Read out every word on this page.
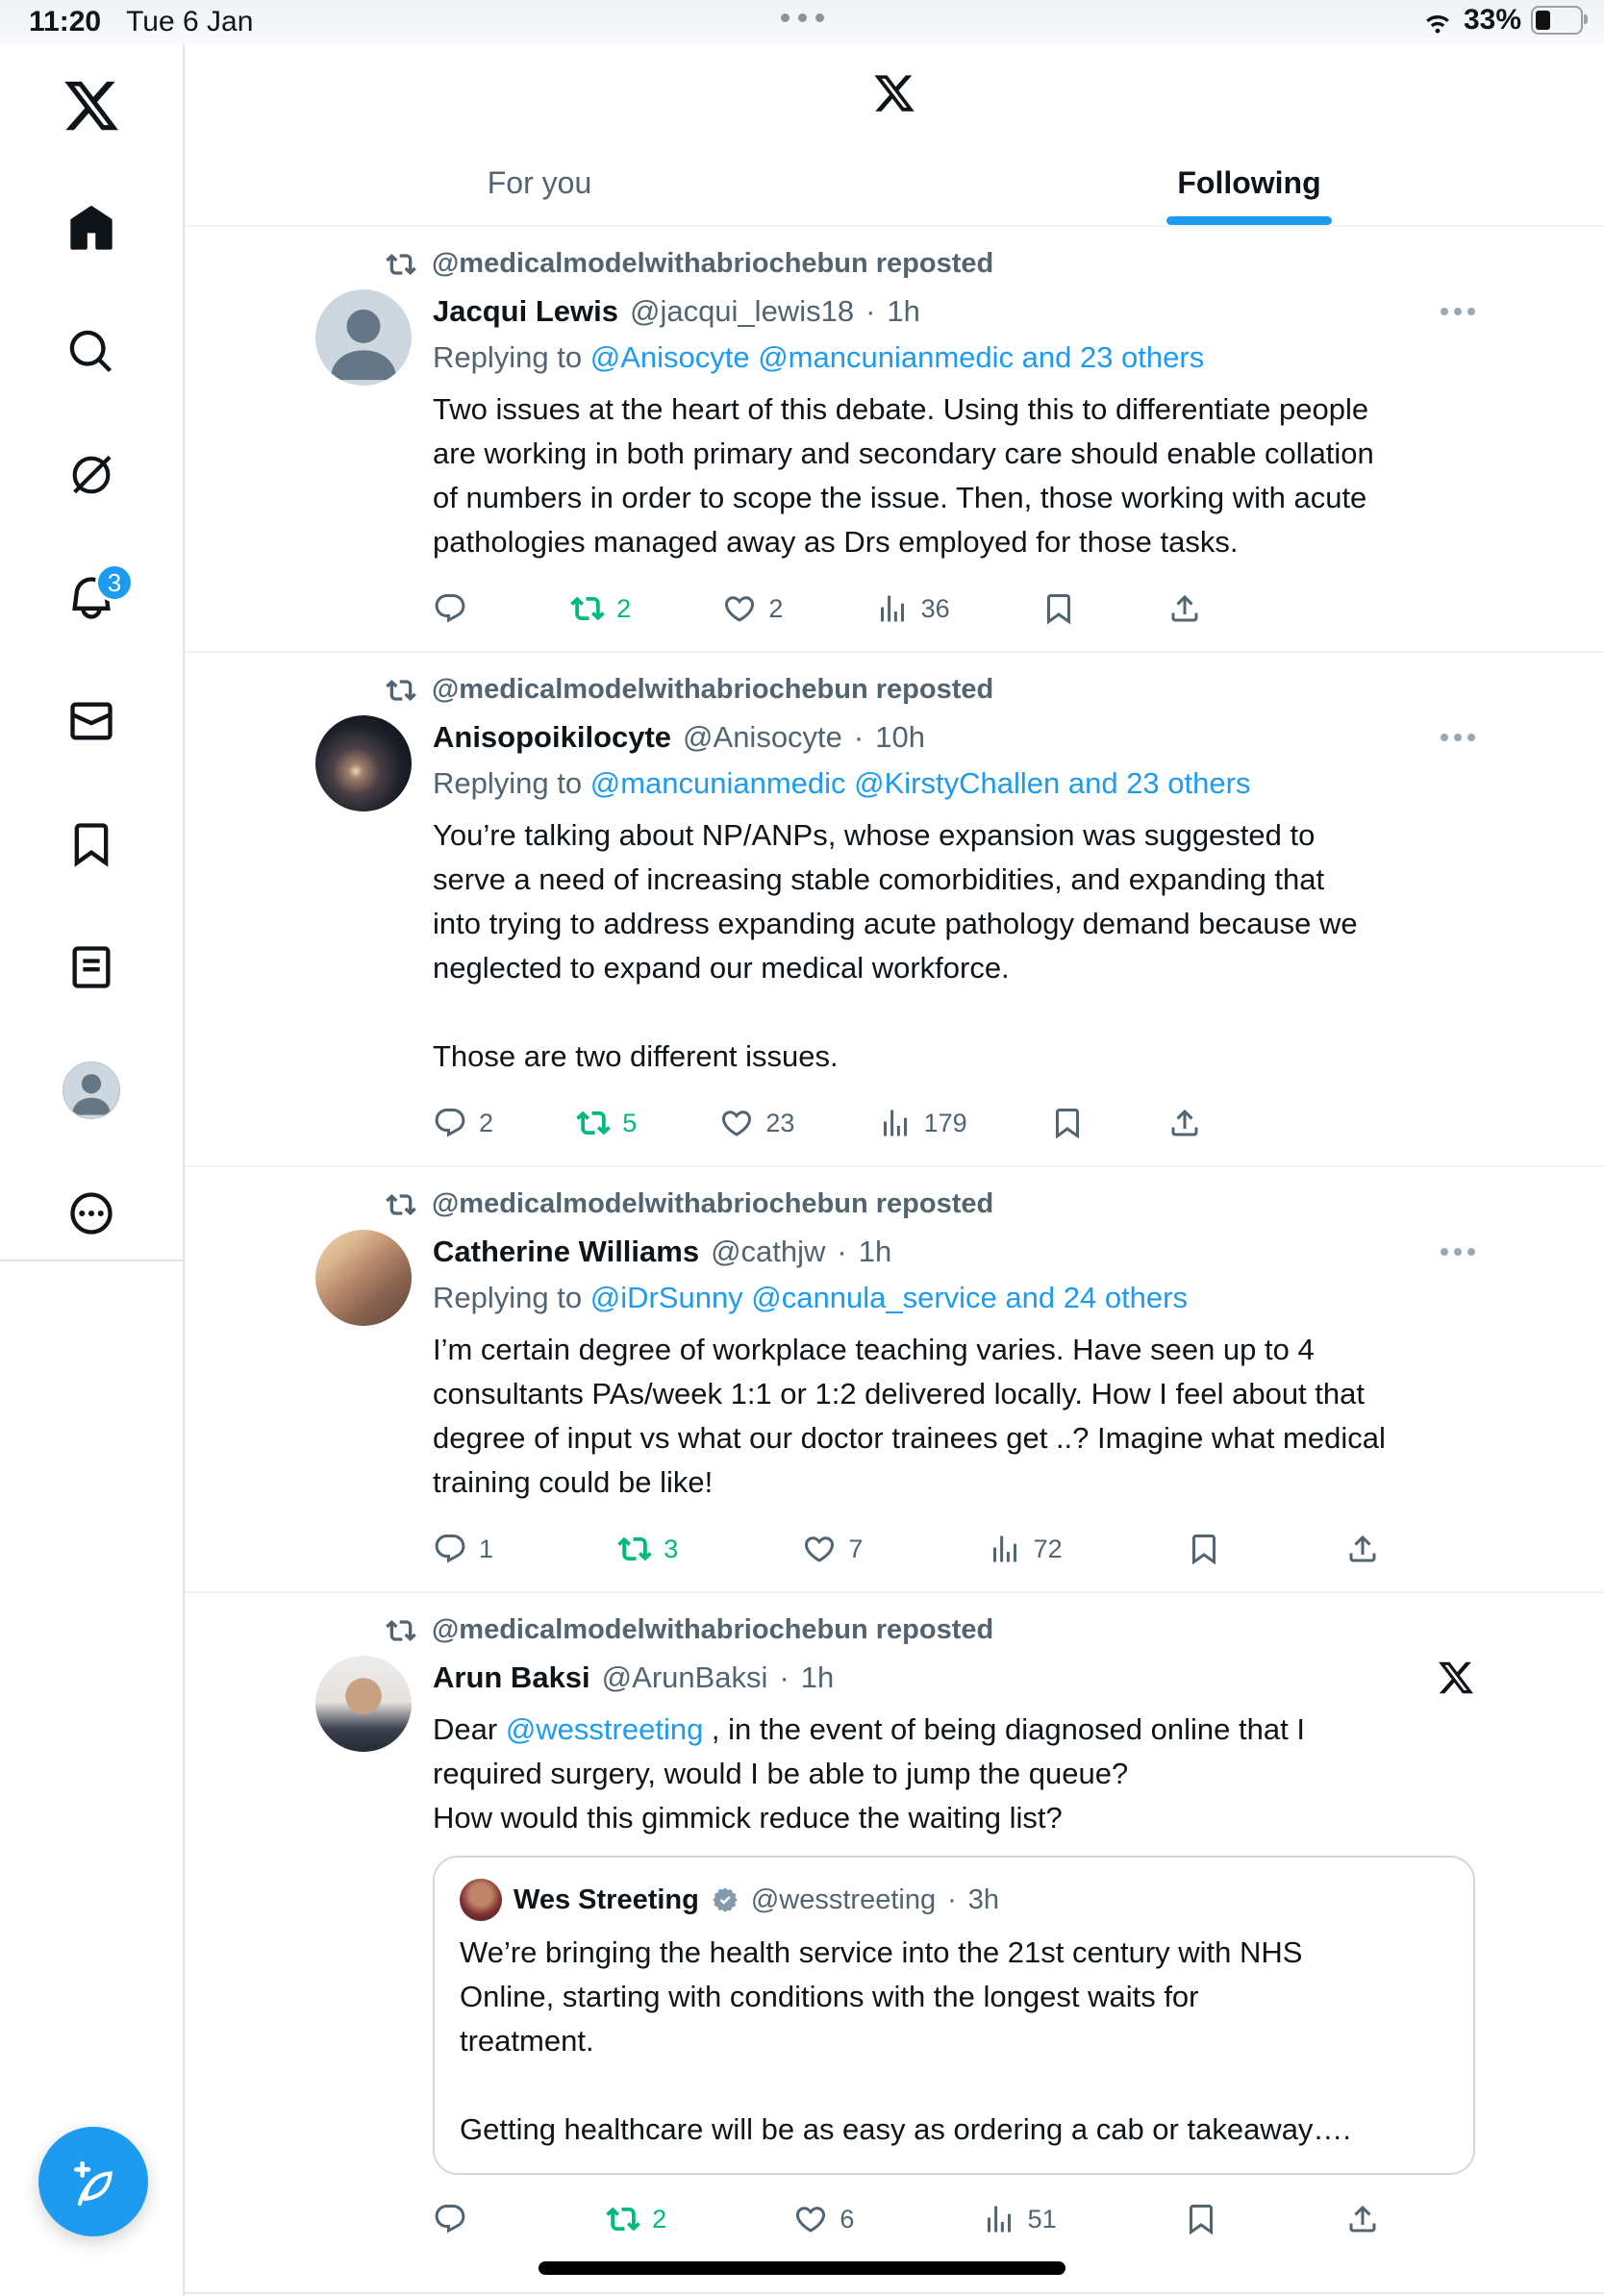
11:20 Tue 6 Jan	33%
3
For you	Following
@medicalmodelwithabriochebun reposted
Jacqui Lewis @jacqui_lewis18 · 1h
Replying to @Anisocyte @mancunianmedic and 23 others
Two issues at the heart of this debate. Using this to differentiate people
are working in both primary and secondary care should enable collation
of numbers in order to scope the issue. Then, those working with acute
pathologies managed away as Drs employed for those tasks.
2	2	36
@medicalmodelwithabriochebun reposted
Anisopoikilocyte @Anisocyte · 10h
Replying to @mancunianmedic @KirstyChallen and 23 others
You’re talking about NP/ANPs, whose expansion was suggested to
serve a need of increasing stable comorbidities, and expanding that
into trying to address expanding acute pathology demand because we
neglected to expand our medical workforce.

Those are two different issues.
2	5	23	179
@medicalmodelwithabriochebun reposted
Catherine Williams @cathjw · 1h
Replying to @iDrSunny @cannula_service and 24 others
I’m certain degree of workplace teaching varies. Have seen up to 4
consultants PAs/week 1:1 or 1:2 delivered locally. How I feel about that
degree of input vs what our doctor trainees get ..? Imagine what medical
training could be like!
1	3	7	72
@medicalmodelwithabriochebun reposted
Arun Baksi @ArunBaksi · 1h
Dear @wesstreeting , in the event of being diagnosed online that I
required surgery, would I be able to jump the queue?
How would this gimmick reduce the waiting list?
Wes Streeting @wesstreeting · 3h
We’re bringing the health service into the 21st century with NHS
Online, starting with conditions with the longest waits for
treatment.

Getting healthcare will be as easy as ordering a cab or takeaway….
2	6	51
